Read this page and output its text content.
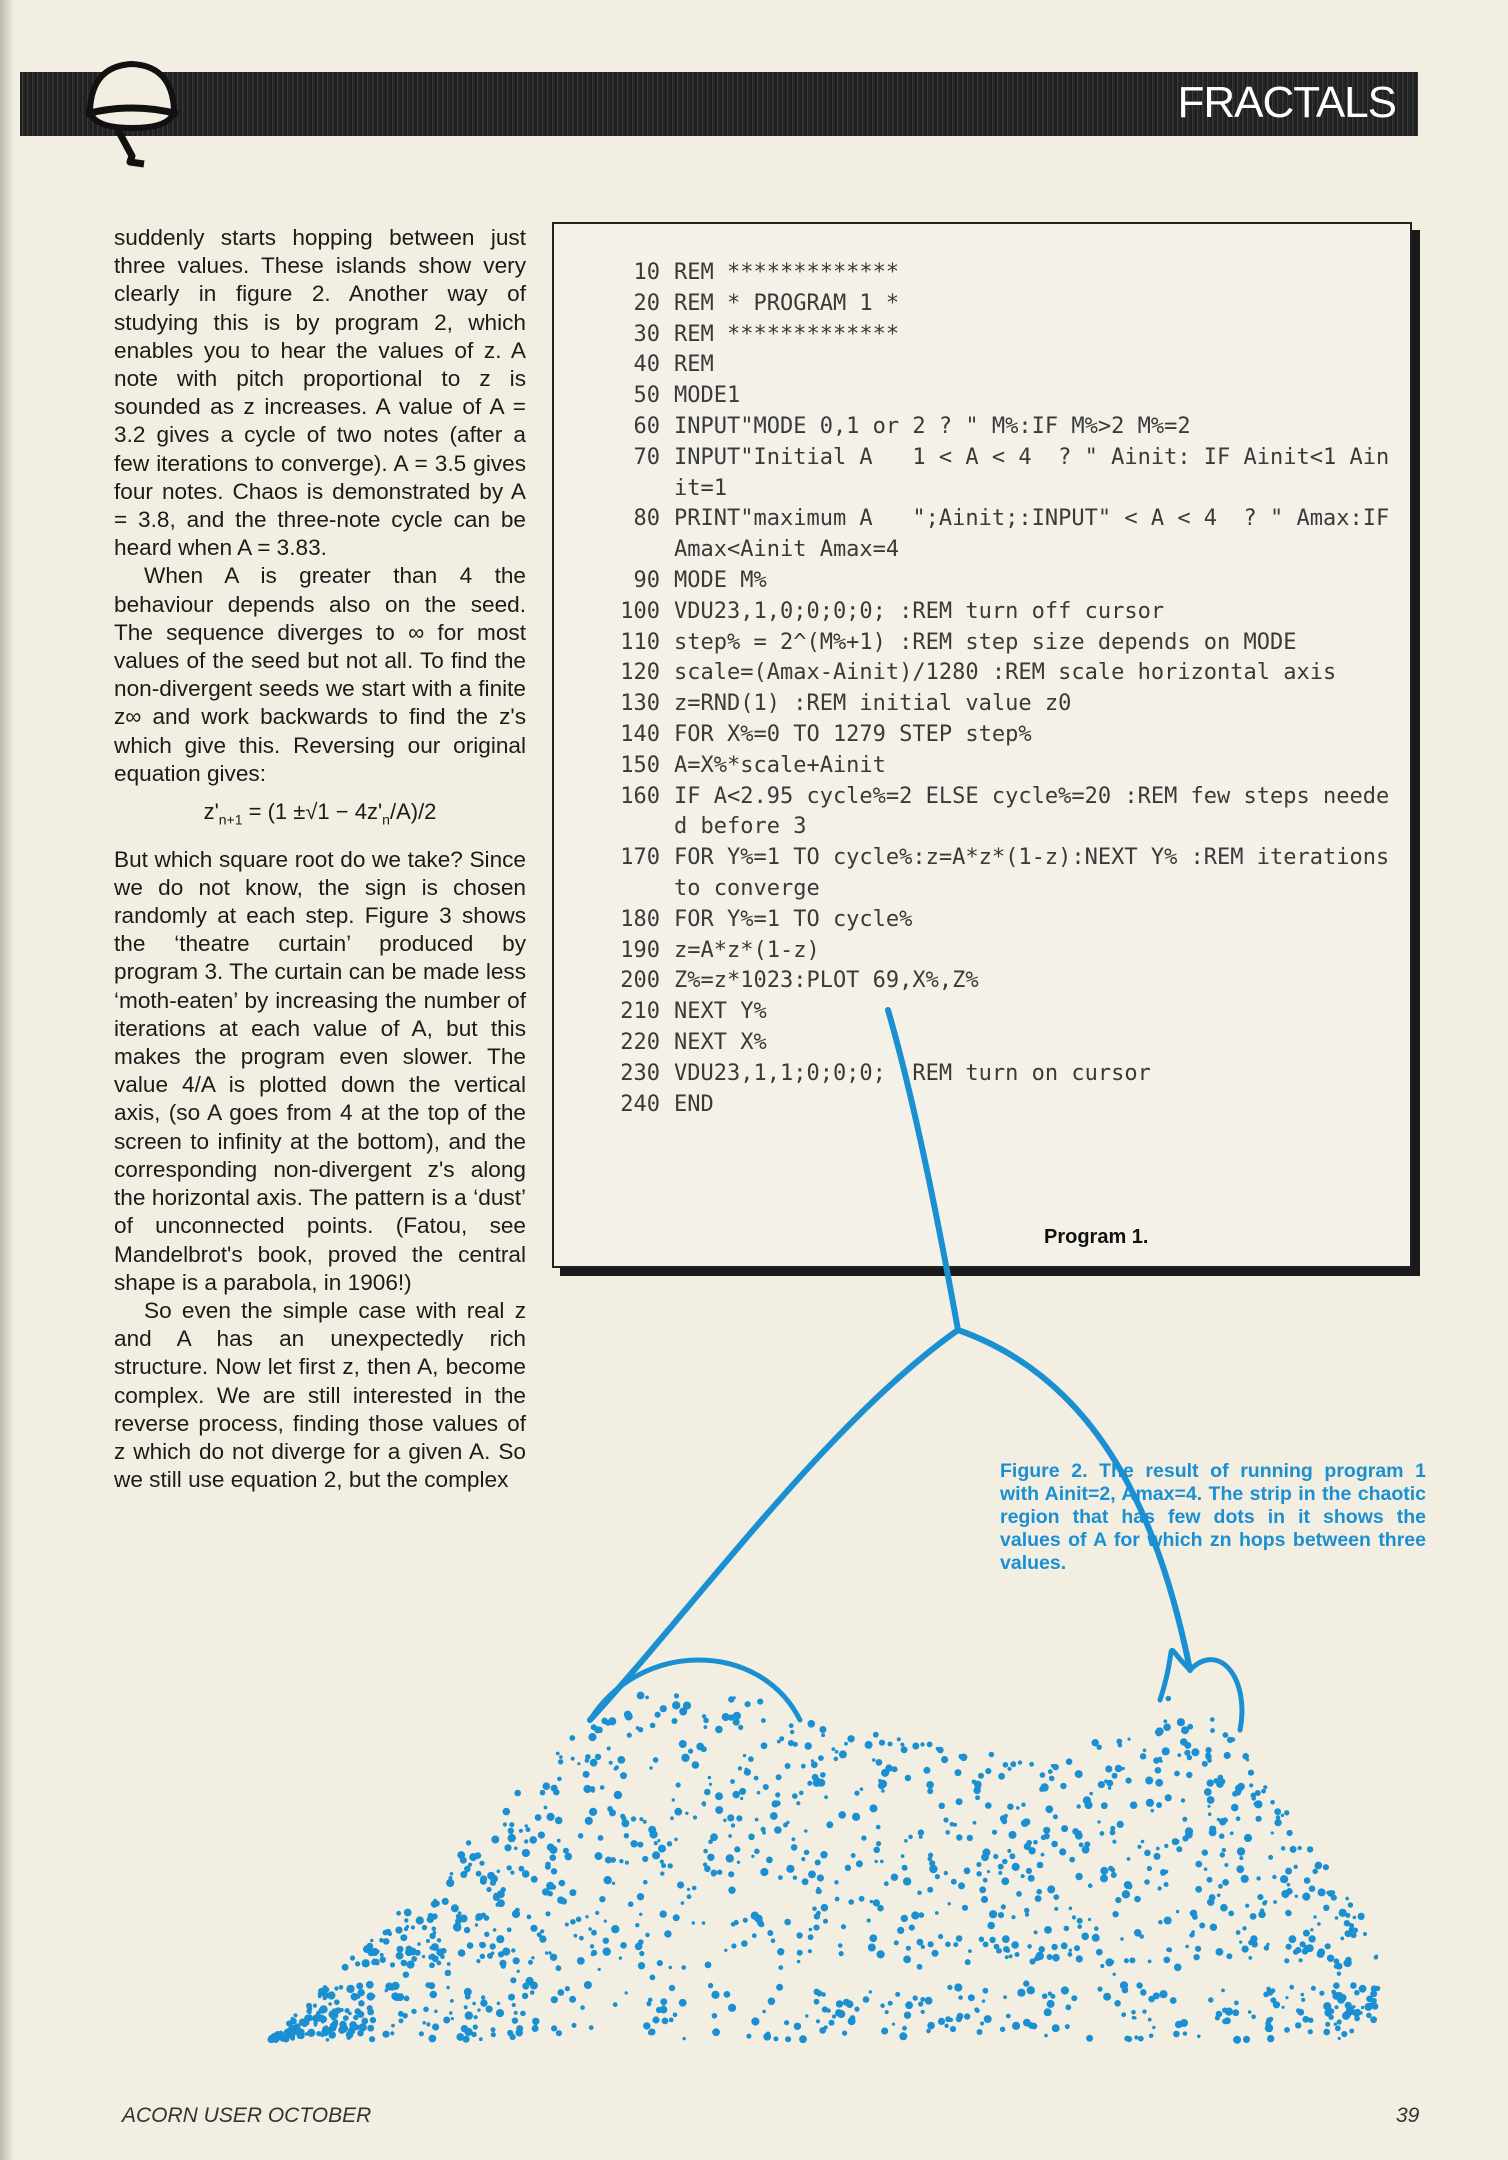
FRACTALS

suddenly starts hopping between just three values. These islands show very clearly in figure 2. Another way of studying this is by program 2, which enables you to hear the values of z. A note with pitch proportional to z is sounded as z increases. A value of A = 3.2 gives a cycle of two notes (after a few iterations to converge). A = 3.5 gives four notes. Chaos is demonstrated by A = 3.8, and the three-note cycle can be heard when A = 3.83.

When A is greater than 4 the behaviour depends also on the seed. The sequence diverges to ∞ for most values of the seed but not all. To find the non-divergent seeds we start with a finite z∞ and work backwards to find the z's which give this. Reversing our original equation gives:

$z'_{n+1} = (1 \pm√1 - 4z'_n/A)/2$

But which square root do we take? Since we do not know, the sign is chosen randomly at each step. Figure 3 shows the ‘theatre curtain’ produced by program 3. The curtain can be made less ‘moth-eaten’ by increasing the number of iterations at each value of A, but this makes the program even slower. The value 4/A is plotted down the vertical axis, (so A goes from 4 at the top of the screen to infinity at the bottom), and the corresponding non-divergent z's along the horizontal axis. The pattern is a ‘dust’ of unconnected points. (Fatou, see Mandelbrot's book, proved the central shape is a parabola, in 1906!)

So even the simple case with real z and A has an unexpectedly rich structure. Now let first z, then A, become complex. We are still interested in the reverse process, finding those values of z which do not diverge for a given A. So we still use equation 2, but the complex

10 REM *************
20 REM * PROGRAM 1 *
30 REM *************
40 REM
50 MODE1
60 INPUT"MODE 0,1 or 2 ? " M%:IF M%>2 M%=2
70 INPUT"Initial A   1 < A < 4  ? " Ainit: IF Ainit<1 Ainit=1
80 PRINT"maximum A   ";Ainit;:INPUT" < A < 4  ? " Amax:IF Amax<Ainit Amax=4
90 MODE M%
100 VDU23,1,0;0;0;0; :REM turn off cursor
110 step% = 2^(M%+1) :REM step size depends on MODE
120 scale=(Amax-Ainit)/1280 :REM scale horizontal axis
130 z=RND(1) :REM initial value z0
140 FOR X%=0 TO 1279 STEP step%
150 A=X%*scale+Ainit
160 IF A<2.95 cycle%=2 ELSE cycle%=20 :REM few steps needed before 3
170 FOR Y%=1 TO cycle%:z=A*z*(1-z):NEXT Y% :REM iterations to converge
180 FOR Y%=1 TO cycle%
190 z=A*z*(1-z)
200 Z%=z*1023:PLOT 69,X%,Z%
210 NEXT Y%
220 NEXT X%
230 VDU23,1,1;0;0;0; :REM turn on cursor
240 END
Program 1.
Figure 2. The result of running program 1 with Ainit=2, Amax=4. The strip in the chaotic region that has few dots in it shows the values of A for which zn hops between three values.
ACORN USER OCTOBER	39
